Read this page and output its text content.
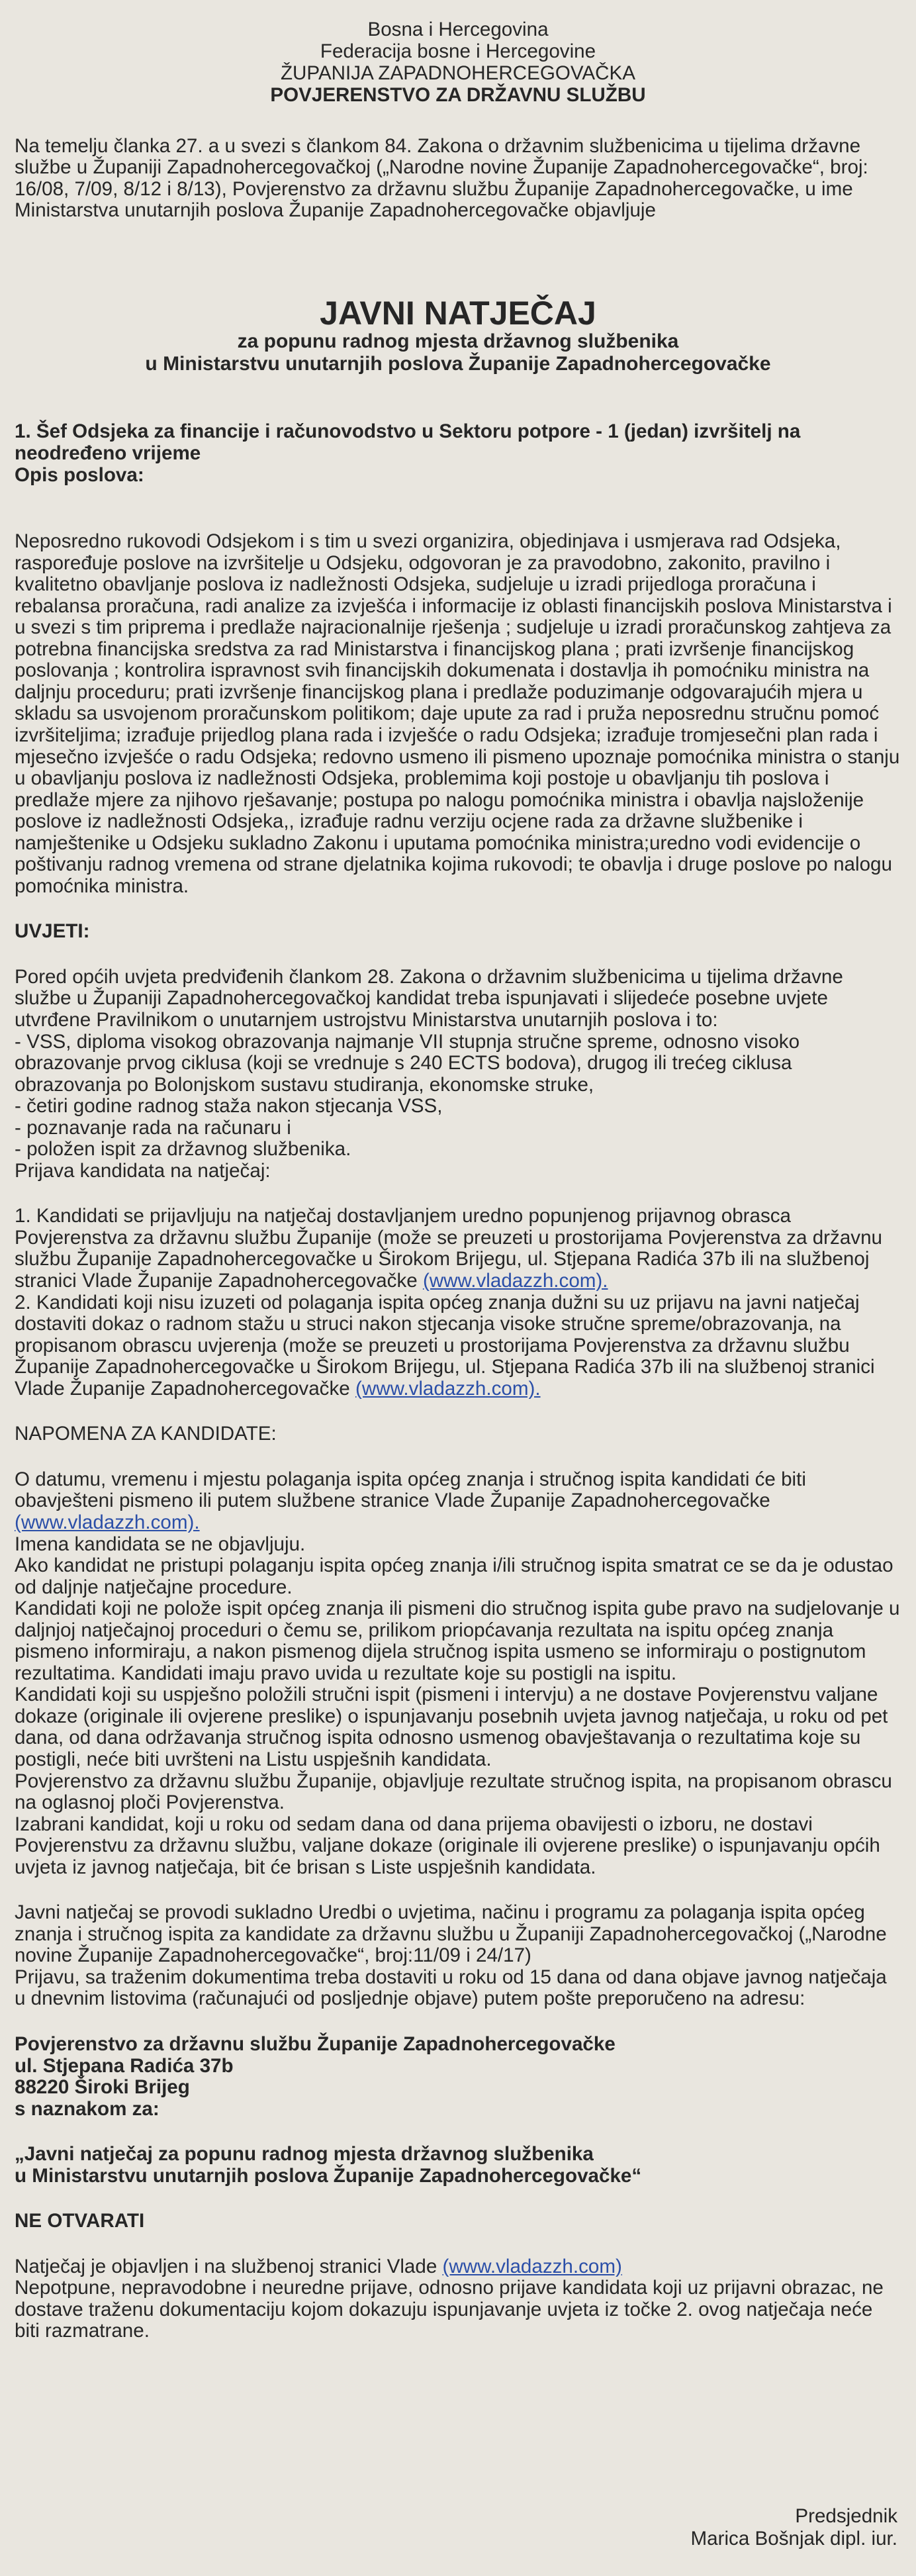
Bosna i Hercegovina
Federacija bosne i Hercegovine
ŽUPANIJA ZAPADNOHERCEGOVAČKA
POVJERENSTVO ZA DRŽAVNU SLUŽBU

Na temelju članka 27. a u svezi s člankom 84. Zakona o državnim službenicima u tijelima državne službe u Županiji Zapadnohercegovačkoj („Narodne novine Županije Zapadnohercegovačke“, broj: 16/08, 7/09, 8/12 i 8/13), Povjerenstvo za državnu službu Županije Zapadnohercegovačke, u ime Ministarstva unutarnjih poslova Županije Zapadnohercegovačke objavljuje

JAVNI NATJEČAJ
za popunu radnog mjesta državnog službenika
u Ministarstvu unutarnjih poslova Županije Zapadnohercegovačke
1. Šef Odsjeka za financije i računovodstvo u Sektoru potpore - 1 (jedan) izvršitelj na neodređeno vrijeme
Opis poslova:

Neposredno rukovodi Odsjekom i s tim u svezi organizira, objedinjava i usmjerava rad Odsjeka, raspoređuje poslove na izvršitelje u Odsjeku, odgovoran je za pravodobno, zakonito, pravilno i kvalitetno obavljanje poslova iz nadležnosti Odsjeka, sudjeluje u izradi prijedloga proračuna i rebalansa proračuna, radi analize za izvješća i informacije iz oblasti financijskih poslova Ministarstva i u svezi s tim priprema i predlaže najracionalnije rješenja ; sudjeluje u izradi proračunskog zahtjeva za potrebna financijska sredstva za rad Ministarstva i financijskog plana ; prati izvršenje financijskog poslovanja ; kontrolira ispravnost svih financijskih dokumenata i dostavlja ih pomoćniku ministra na daljnju proceduru; prati izvršenje financijskog plana i predlaže poduzimanje odgovarajućih mjera u skladu sa usvojenom proračunskom politikom; daje upute za rad i pruža neposrednu stručnu pomoć izvršiteljima; izrađuje prijedlog plana rada i izvješće o radu Odsjeka; izrađuje tromjesečni plan rada i mjesečno izvješće o radu Odsjeka; redovno usmeno ili pismeno upoznaje pomoćnika ministra o stanju u obavljanju poslova iz nadležnosti Odsjeka, problemima koji postoje u obavljanju tih poslova i predlaže mjere za njihovo rješavanje; postupa po nalogu pomoćnika ministra i obavlja najsloženije poslove iz nadležnosti Odsjeka,, izrađuje radnu verziju ocjene rada za državne službenike i namještenike u Odsjeku sukladno Zakonu i uputama pomoćnika ministra;uredno vodi evidencije o poštivanju radnog vremena od strane djelatnika kojima rukovodi; te obavlja i druge poslove po nalogu pomoćnika ministra.

UVJETI:

Pored općih uvjeta predviđenih člankom 28. Zakona o državnim službenicima u tijelima državne službe u Županiji Zapadnohercegovačkoj kandidat treba ispunjavati i slijedeće posebne uvjete utvrđene Pravilnikom o unutarnjem ustrojstvu Ministarstva unutarnjih poslova i to:

- VSS, diploma visokog obrazovanja najmanje VII stupnja stručne spreme, odnosno visoko obrazovanje prvog ciklusa (koji se vrednuje s 240 ECTS bodova), drugog ili trećeg ciklusa obrazovanja po Bolonjskom sustavu studiranja, ekonomske struke,

- četiri godine radnog staža nakon stjecanja VSS,

- poznavanje rada na računaru i

- položen ispit za državnog službenika.

Prijava kandidata na natječaj:

1. Kandidati se prijavljuju na natječaj dostavljanjem uredno popunjenog prijavnog obrasca Povjerenstva za državnu službu Županije (može se preuzeti u prostorijama Povjerenstva za državnu službu Županije Zapadnohercegovačke u Širokom Brijegu, ul. Stjepana Radića 37b ili na službenoj stranici Vlade Županije Zapadnohercegovačke (www.vladazzh.com).

2. Kandidati koji nisu izuzeti od polaganja ispita općeg znanja dužni su uz prijavu na javni natječaj dostaviti dokaz o radnom stažu u struci nakon stjecanja visoke stručne spreme/obrazovanja, na propisanom obrascu uvjerenja (može se preuzeti u prostorijama Povjerenstva za državnu službu Županije Zapadnohercegovačke u Širokom Brijegu, ul. Stjepana Radića 37b ili na službenoj stranici Vlade Županije Zapadnohercegovačke (www.vladazzh.com).

NAPOMENA ZA KANDIDATE:

O datumu, vremenu i mjestu polaganja ispita općeg znanja i stručnog ispita kandidati će biti obavješteni pismeno ili putem službene stranice Vlade Županije Zapadnohercegovačke (www.vladazzh.com).

Imena kandidata se ne objavljuju.

Ako kandidat ne pristupi polaganju ispita općeg znanja i/ili stručnog ispita smatrat ce se da je odustao od daljnje natječajne procedure.

Kandidati koji ne polože ispit općeg znanja ili pismeni dio stručnog ispita gube pravo na sudjelovanje u daljnjoj natječajnoj proceduri o čemu se, prilikom priopćavanja rezultata na ispitu općeg znanja pismeno informiraju, a nakon pismenog dijela stručnog ispita usmeno se informiraju o postignutom rezultatima. Kandidati imaju pravo uvida u rezultate koje su postigli na ispitu.

Kandidati koji su uspješno položili stručni ispit (pismeni i intervju) a ne dostave Povjerenstvu valjane dokaze (originale ili ovjerene preslike) o ispunjavanju posebnih uvjeta javnog natječaja, u roku od pet dana, od dana održavanja stručnog ispita odnosno usmenog obavještavanja o rezultatima koje su postigli, neće biti uvršteni na Listu uspješnih kandidata.

Povjerenstvo za državnu službu Županije, objavljuje rezultate stručnog ispita, na propisanom obrascu na oglasnoj ploči Povjerenstva.

Izabrani kandidat, koji u roku od sedam dana od dana prijema obavijesti o izboru, ne dostavi Povjerenstvu za državnu službu, valjane dokaze (originale ili ovjerene preslike) o ispunjavanju općih uvjeta iz javnog natječaja, bit će brisan s Liste uspješnih kandidata.

Javni natječaj se provodi sukladno Uredbi o uvjetima, načinu i programu za polaganja ispita općeg znanja i stručnog ispita za kandidate za državnu službu u Županiji Zapadnohercegovačkoj („Narodne novine Županije Zapadnohercegovačke“, broj:11/09 i 24/17)

Prijavu, sa traženim dokumentima treba dostaviti u roku od 15 dana od dana objave javnog natječaja u dnevnim listovima (računajući od posljednje objave) putem pošte preporučeno na adresu:

Povjerenstvo za državnu službu Županije Zapadnohercegovačke
ul. Stjepana Radića 37b
88220 Široki Brijeg
s naznakom za:
„Javni natječaj za popunu radnog mjesta državnog službenika
u Ministarstvu unutarnjih poslova Županije Zapadnohercegovačke“
NE OTVARATI

Natječaj je objavljen i na službenoj stranici Vlade (www.vladazzh.com)

Nepotpune, nepravodobne i neuredne prijave, odnosno prijave kandidata koji uz prijavni obrazac, ne dostave traženu dokumentaciju kojom dokazuju ispunjavanje uvjeta iz točke 2. ovog natječaja neće biti razmatrane.

Predsjednik
Marica Bošnjak dipl. iur.
